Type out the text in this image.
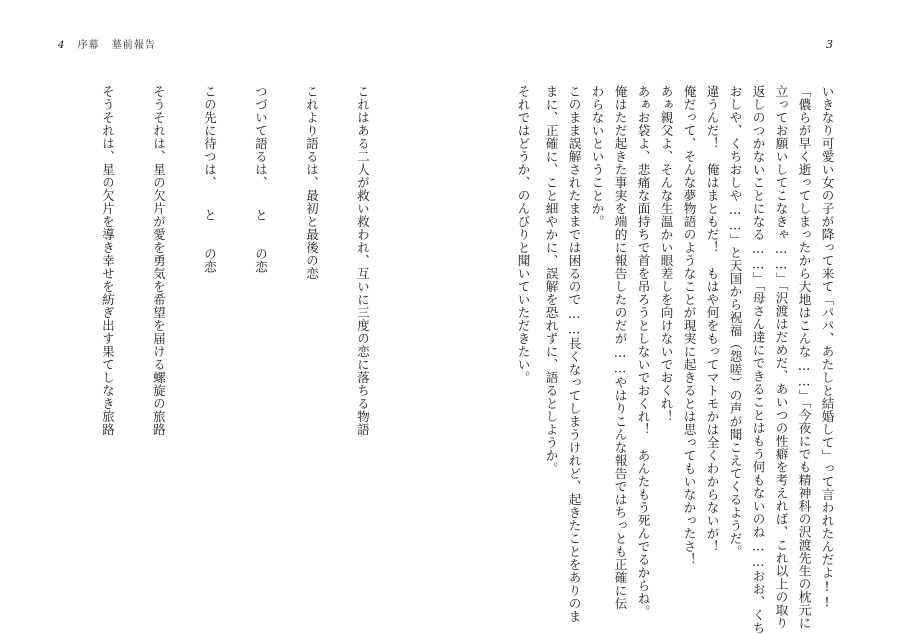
4 序幕 墓前報告
これはある二人が救い救われ、互いに三度の恋に落ちる物語
これより語るは、最初と最後の恋
つづいて語るは、　　と　　の恋
この先に待つは、　　と　　の恋
そうそれは、星の欠片が愛を勇気を希望を届ける螺旋の旅路
そうそれは、星の欠片を導き幸せを紡ぎ出す果てしなき旅路
3
いきなり可愛い女の子が降って来て「パパ、あたしと結婚して」って言われたんだよ!!
「儂らが早く逝ってしまったから大地はこんな……」「今夜にでも精神科の沢渡先生の枕元に
立ってお願いしてこなきゃ……」「沢渡はだめだ、あいつの性癖を考えれば、これ以上の取り
返しのつかないことになる……」「母さん達にできることはもう何もないのね……おお、くち
おしや、くちおしや……」と天国から祝福（怨嗟）の声が聞こえてくるようだ。
違うんだ！　俺はまともだ！　もはや何をもってマトモかは全くわからないが！
俺だって、そんな夢物語のようなことが現実に起きるとは思ってもいなかったさ！
あぁ親父よ、そんな生温かい眼差しを向けないでおくれ！
あぁお袋よ、悲痛な面持ちで首を吊ろうとしないでおくれ！　あんたもう死んでるからね。
俺はただ起きた事実を端的に報告したのだが……やはりこんな報告ではちっとも正確に伝
わらないということか。
このまま誤解されたままでは困るので……長くなってしまうけれど、起きたことをありのま
まに、正確に、こと細やかに、誤解を恐れずに、語るとしようか。
それではどうか、のんびりと聞いていただきたい。
